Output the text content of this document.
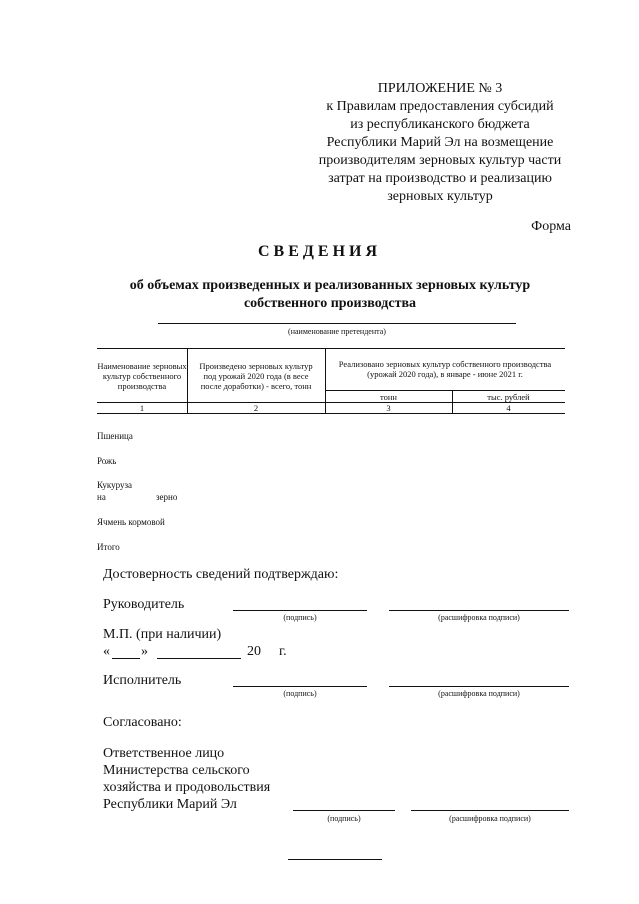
ПРИЛОЖЕНИЕ № 3
к Правилам предоставления субсидий
из республиканского бюджета
Республики Марий Эл на возмещение
производителям зерновых культур части
затрат на производство и реализацию
зерновых культур
Форма
СВЕДЕНИЯ
об объемах произведенных и реализованных зерновых культур
собственного производства
(наименование претендента)
Наименование зерновых культур собственного производства
Произведено зерновых культур под урожай 2020 года (в весе после доработки) - всего, тонн
Реализовано зерновых культур собственного производства (урожай 2020 года), в январе - июне 2021 г.
тонн	тыс. рублей
1	2	3	4
Пшеница
Рожь
Кукуруза
на	зерно
Ячмень кормовой
Итого
Достоверность сведений подтверждаю:
Руководитель
(подпись)	(расшифровка подписи)
М.П. (при наличии)
« »	20 г.
Исполнитель
(подпись)	(расшифровка подписи)
Согласовано:
Ответственное лицо
Министерства сельского
хозяйства и продовольствия
Республики Марий Эл
(подпись)	(расшифровка подписи)
